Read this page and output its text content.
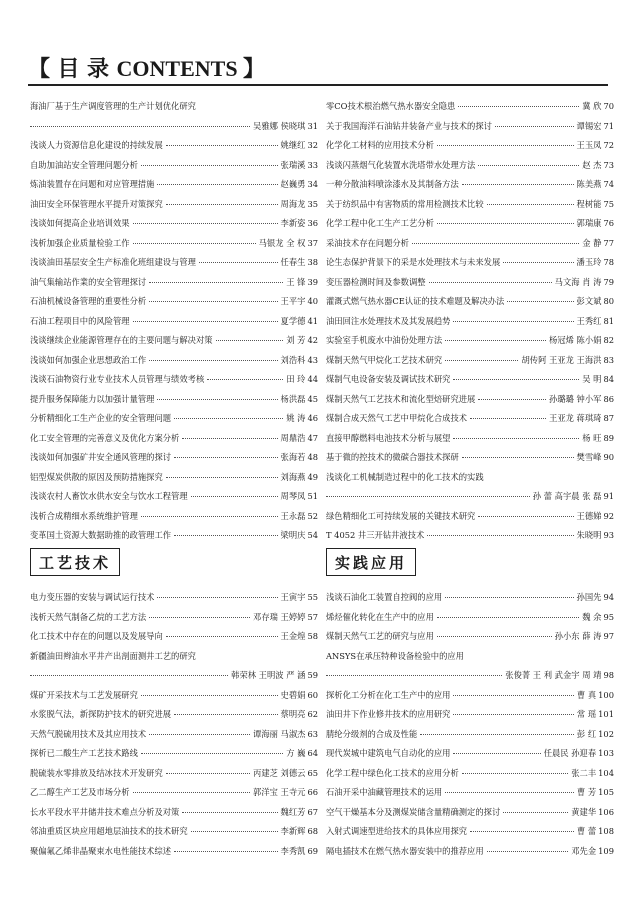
【 目 录 CONTENTS 】
海油厂基于生产调度管理的生产计划优化研究
吴雅娜 侯晓琪 31
浅谈人力资源信息化建设的持续发展	姚继红 32
自助加油站安全管理问题分析	张瑞溪 33
炼油装置存在问题和对应管理措施	赵巍勇 34
油田安全环保管理水平提升对策探究	周海龙 35
浅谈如何提高企业培训效果	李新姿 36
浅析加强企业质量检验工作	马银龙 全 权 37
浅谈油田基层安全生产标准化班组建设与管理	任春生 38
油气集输站作業的安全管理探讨	王 锋 39
石油机械设备管理的重要性分析	王平宇 40
石油工程项目中的风险管理	夏学德 41
浅谈继续企业能源管理存在的主要问题与解决对策	刘 芳 42
浅谈如何加强企业思想政治工作	刘浩科 43
浅谈石油物资行业专业技术人员管理与绩效考核	田 玲 44
提升服务保障能力以加强计量管理	杨洪磊 45
分析精细化工生产企业的安全管理问题	姚 涛 46
化工安全管理的完善意义及优化方案分析	周鼎浩 47
浅谈如何加强矿井安全通风管理的探讨	张海若 48
铝型煤炭供散的原因及预防措施探究	刘海燕 49
浅谈农村人畜饮水供水安全与饮水工程管理	周琴凤 51
浅析合成精细水系统维护管理	王永磊 52
变革国土资源大数据助推的政管理工作	梁明庆 54
零CO技术根治燃气热水器安全隐患	冀 欣 70
关于我国海洋石油钻井装备产业与技术的探讨	谭锡宏 71
化学化工材料的应用技术分析	王玉凤 72
浅谈闪蒸烟气化装置水洗塔带水处理方法	赵 杰 73
一种分散油料喷涂漆水及其制备方法	陈美燕 74
关于纺织品中有害物质的常用检测技术比较	程树能 75
化学工程中化工生产工艺分析	郭瑞康 76
采油技术存在问题分析	金 静 77
论生态保护背景下的采是水处理技术与未来发展	潘玉玲 78
变压器检测时间及参数调整	马文海 肖 涛 79
灌溉式燃气热水器CE认证的技术难题及解决办法	彭文斌 80
油田回注水处理技术及其发展趋势	王秀红 81
实验室手机废水中油份处理方法	杨冠烯 陈小娟 82
煤制天然气甲烷化工艺技术研究	胡传阿 王亚龙 王海洪 83
煤制气电设备安装及调试技术研究	吴 明 84
煤制天然气工艺技术和流化型焙研究进展	孙璐璐 钟小军 86
煤制合成天然气工艺中甲烷化合成技术	王亚龙 蒋琪琦 87
直接甲醇燃料电池技术分析与展望	杨 旺 89
基于微的控技术的微碳合器技术探研	樊雪峰 90
浅谈化工机械制造过程中的化工技术的实践
孙 蕾 高宇晨 张 磊 91
绿色精细化工可持续发展的关键技术研究	王德娣 92
T 4052 井三开钻井液技术	朱晓明 93
工艺技术	实践应用
电力变压器的安装与调试运行技术	王寅宇 55
浅析天然气制备乙烷的工艺方法	邓存瑞 王婷婷 57
化工技术中存在的问题以及发展导向	王金煌 58
新疆油田辫油水平井产出剖面测井工艺的研究
韩荣林 王明波 严 涵 59
煤矿开采技术与工艺发展研究	史碧娟 60
水浆脱气法，新探防护技术的研究进展	蔡明亮 62
天然气脱硫用技术及其应用技术	谭海丽 马淑杰 63
探析已二酸生产工艺技术路线	方 巍 64
脱硫装水零排放及结冰技术开发研究	丙建芝 刘德云 65
乙二醇生产工艺及市场分析	郭洋宝 王寺元 66
长水平段水平井储井技术难点分析及对策	魏红芳 67
邻油重质区块应用超地层油技术的技术研究	李新辉 68
聚偏氟乙烯非晶聚束水电性能技术综述	李秀凯 69
浅谈石油化工装置自控阀的应用	孙国先 94
烯烃催化转化在生产中的应用	魏 余 95
煤制天然气工艺的研究与应用	孙小东 薛 涛 97
ANSYS在承压特种设备检验中的应用
张俊菁 王 利 武金宇 周 靖 98
探析化工分析在化工生产中的应用	曹 真 100
油田井下作业修井技术的应用研究	常 瑶 101
腈纶分级剂的合成及性能	彭 红 102
现代炭城中建筑电气自动化的应用	任晨民 孙迎春 103
化学工程中绿色化工技术的应用分析	张二丰 104
石油开采中油藏管理技术的运用	曹 芳 105
空气干燥基本分及测煤炭储含量精确测定的探讨	黄建华 106
入射式调速型进给技术的具体应用探究	曹 蕾 108
隔电插技术在燃气热水器安装中的推荐应用	邓先金 109
